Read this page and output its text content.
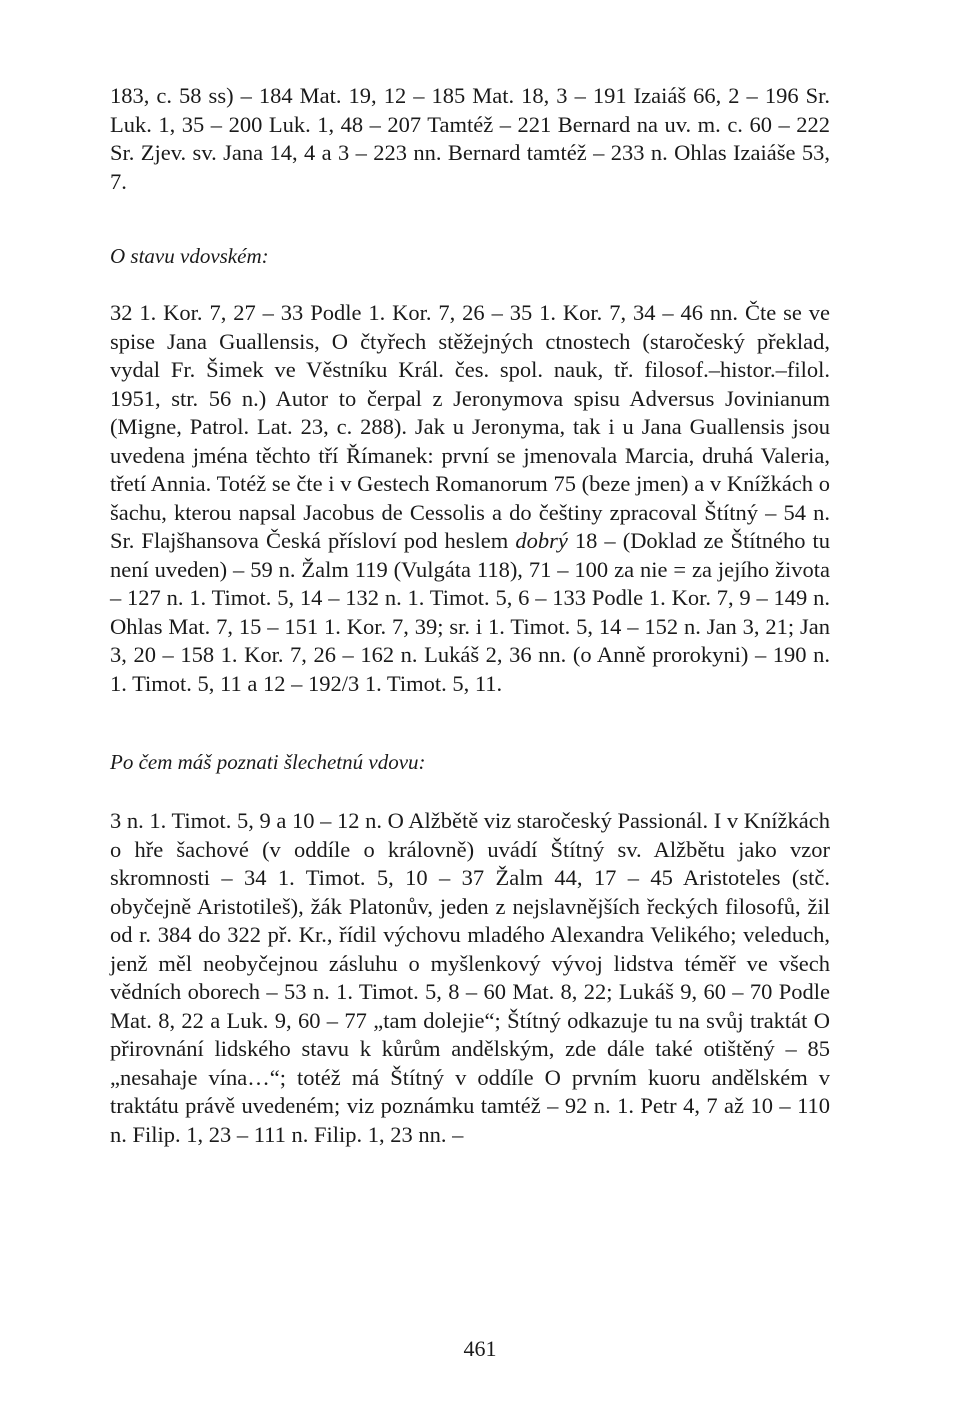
183, c. 58 ss) – 184 Mat. 19, 12 – 185 Mat. 18, 3 – 191 Izaiáš 66, 2 – 196 Sr. Luk. 1, 35 – 200 Luk. 1, 48 – 207 Tamtéž – 221 Bernard na uv. m. c. 60 – 222 Sr. Zjev. sv. Jana 14, 4 a 3 – 223 nn. Bernard tamtéž – 233 n. Ohlas Izaiáše 53, 7.

O stavu vdovském:

32 1. Kor. 7, 27 – 33 Podle 1. Kor. 7, 26 – 35 1. Kor. 7, 34 – 46 nn. Čte se ve spise Jana Guallensis, O čtyřech stěžejných ctnostech (staročeský překlad, vydal Fr. Šimek ve Věstníku Král. čes. spol. nauk, tř. filosof.–histor.–filol. 1951, str. 56 n.) Autor to čerpal z Jeronymova spisu Adversus Jovinianum (Migne, Patrol. Lat. 23, c. 288). Jak u Jeronyma, tak i u Jana Guallensis jsou uvedena jména těchto tří Římanek: první se jmenovala Marcia, druhá Valeria, třetí Annia. Totéž se čte i v Gestech Romanorum 75 (beze jmen) a v Knížkách o šachu, kterou napsal Jacobus de Cessolis a do češtiny zpracoval Štítný – 54 n. Sr. Flajšhansova Česká přísloví pod heslem dobrý 18 – (Doklad ze Štítného tu není uveden) – 59 n. Žalm 119 (Vulgáta 118), 71 – 100 za nie = za jejího života – 127 n. 1. Timot. 5, 14 – 132 n. 1. Timot. 5, 6 – 133 Podle 1. Kor. 7, 9 – 149 n. Ohlas Mat. 7, 15 – 151 1. Kor. 7, 39; sr. i 1. Timot. 5, 14 – 152 n. Jan 3, 21; Jan 3, 20 – 158 1. Kor. 7, 26 – 162 n. Lukáš 2, 36 nn. (o Anně prorokyni) – 190 n. 1. Timot. 5, 11 a 12 – 192/3 1. Timot. 5, 11.

Po čem máš poznati šlechetnú vdovu:

3 n. 1. Timot. 5, 9 a 10 – 12 n. O Alžbětě viz staročeský Passionál. I v Knížkách o hře šachové (v oddíle o královně) uvádí Štítný sv. Alžbětu jako vzor skromnosti – 34 1. Timot. 5, 10 – 37 Žalm 44, 17 – 45 Aristoteles (stč. obyčejně Aristotileš), žák Platonův, jeden z nejslavnějších řeckých filosofů, žil od r. 384 do 322 př. Kr., řídil výchovu mladého Alexandra Velikého; veleduch, jenž měl neobyčejnou zásluhu o myšlenkový vývoj lidstva téměř ve všech vědních oborech – 53 n. 1. Timot. 5, 8 – 60 Mat. 8, 22; Lukáš 9, 60 – 70 Podle Mat. 8, 22 a Luk. 9, 60 – 77 „tam dolejie“; Štítný odkazuje tu na svůj traktát O přirovnání lidského stavu k kůrům andělským, zde dále také otištěný – 85 „nesahaje vína…“; totéž má Štítný v oddíle O prvním kuoru andělském v traktátu právě uvedeném; viz poznámku tamtéž – 92 n. 1. Petr 4, 7 až 10 – 110 n. Filip. 1, 23 – 111 n. Filip. 1, 23 nn. –

461
